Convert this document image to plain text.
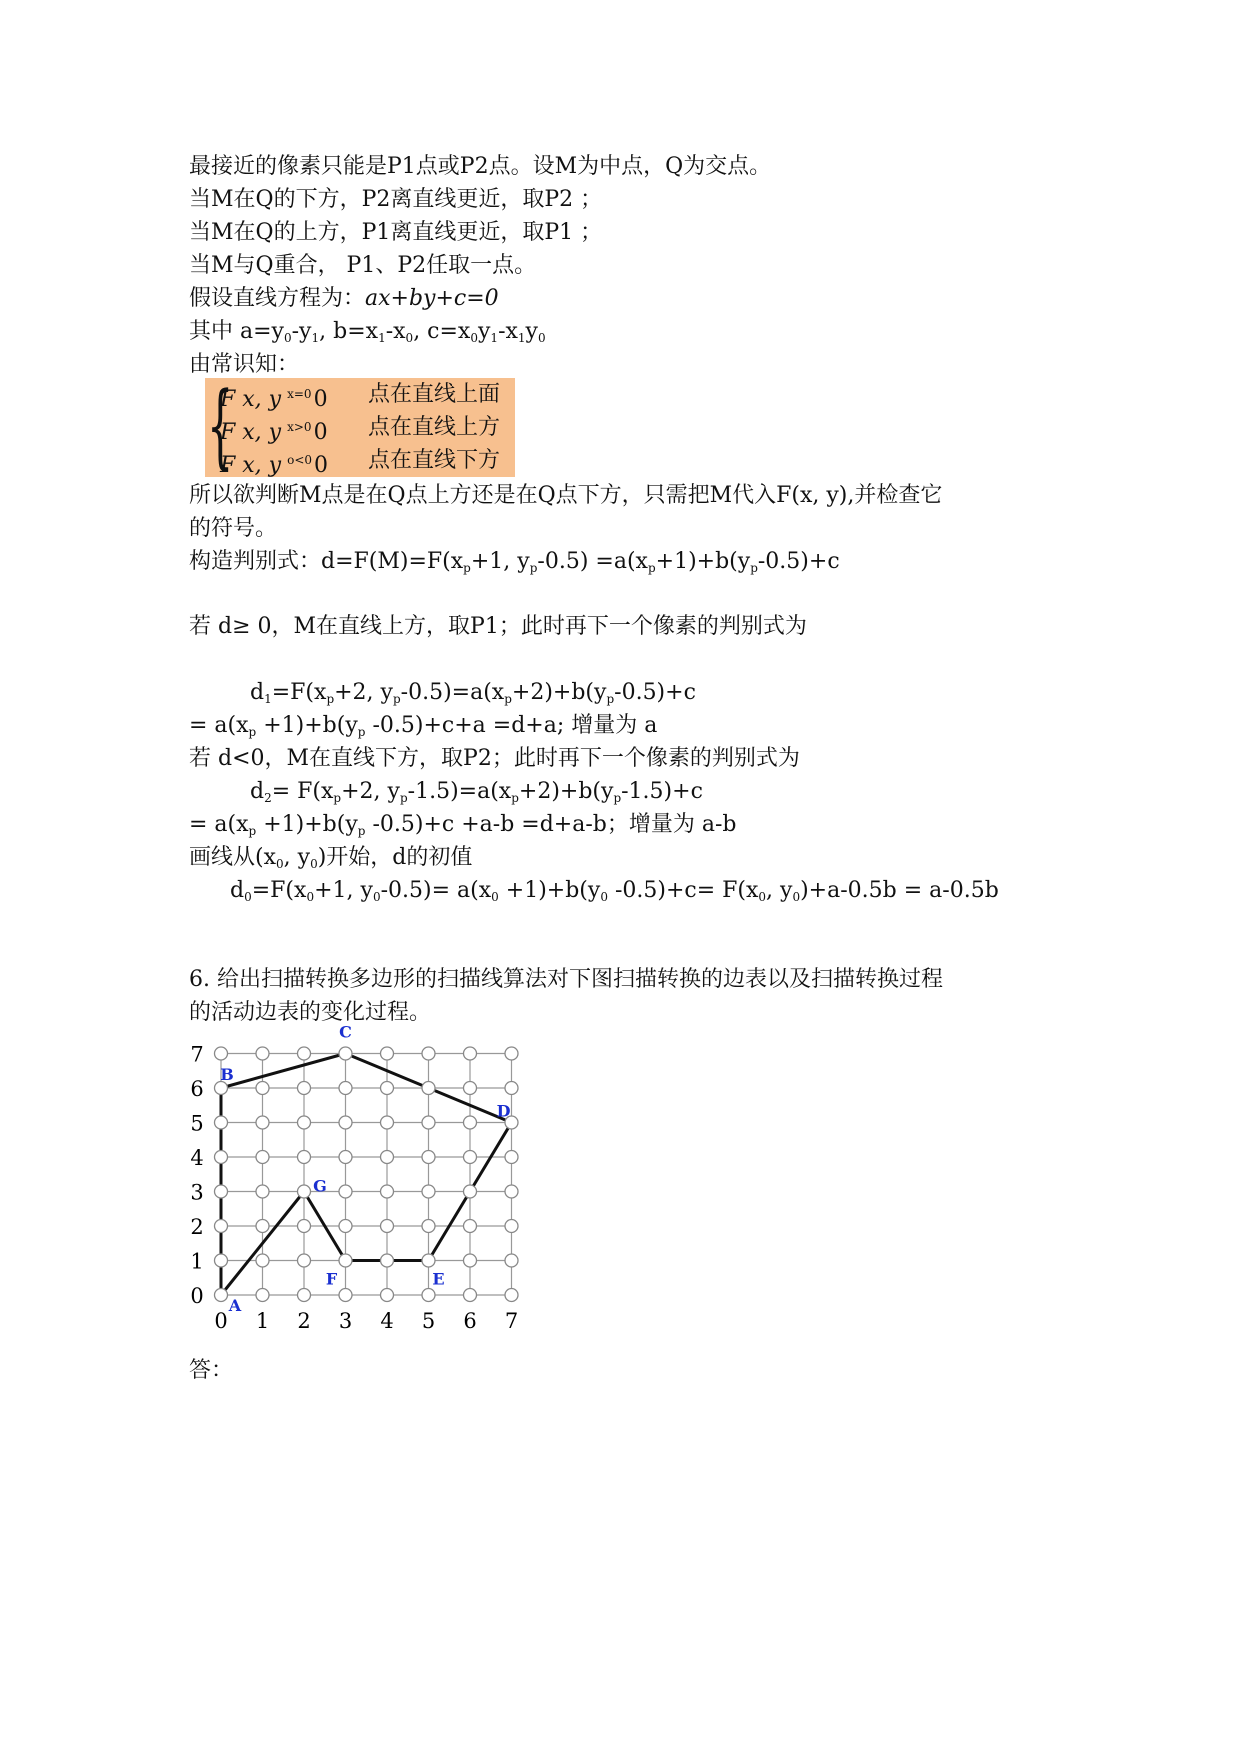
最接近的像素只能是P1点或P2点。设M为中点，Q为交点。
当M在Q的下方，P2离直线更近，取P2 ；
当M在Q的上方，P1离直线更近，取P1 ；
当M与Q重合， P1、P2任取一点。
假设直线方程为：ax+by+c=0
其中 $a=y_0-y_1$, $b=x_1-x_0$, $c=x_0y_1-x_1y_0$
由常识知：
{
F x, y $^{x=0}$0 点在直线上面
F x, y $^{x>0}$0 点在直线上方
F x, y $^{o<0}$0 点在直线下方
所以欲判断M点是在Q点上方还是在Q点下方，只需把M代入F(x, y),并检查它
的符号。
构造判别式：$d=F(M)=F(x_p+1$, $y_p-0.5) =a(x_p+1)+b(y_p-0.5)+c$
若 d≥ 0，M在直线上方，取P1；此时再下一个像素的判别式为
$d_1=F(x_p+2$, $y_p-0.5)=a(x_p+2)+b(y_p-0.5)+c$
= $a(x_p +1)+b(y_p$ -0.5)+c+a =d+a; 增量为 a
若 d<0，M在直线下方，取P2；此时再下一个像素的判别式为
$d_2= F(x_p+2$, $y_p-1.5)=a(x_p+2)+b(y_p-1.5)+c$
= $a(x_p +1)+b(y_p$ -0.5)+c +a-b =d+a-b；增量为 a-b
画线从($x_0$, $y_0$)开始，d的初值
$d_0=F(x_0+1$, $y_0-0.5)= a(x_0 +1)+b(y_0$ $-0.5)+c= F(x_0$, $y_0)+a-0.5b = a-0.5b$
6. 给出扫描转换多边形的扫描线算法对下图扫描转换的边表以及扫描转换过程
的活动边表的变化过程。
0 1 2 3 4 5 6 7
0
1
2
3
4
5
6
7
A
B
C
D
E
F
G
答：
